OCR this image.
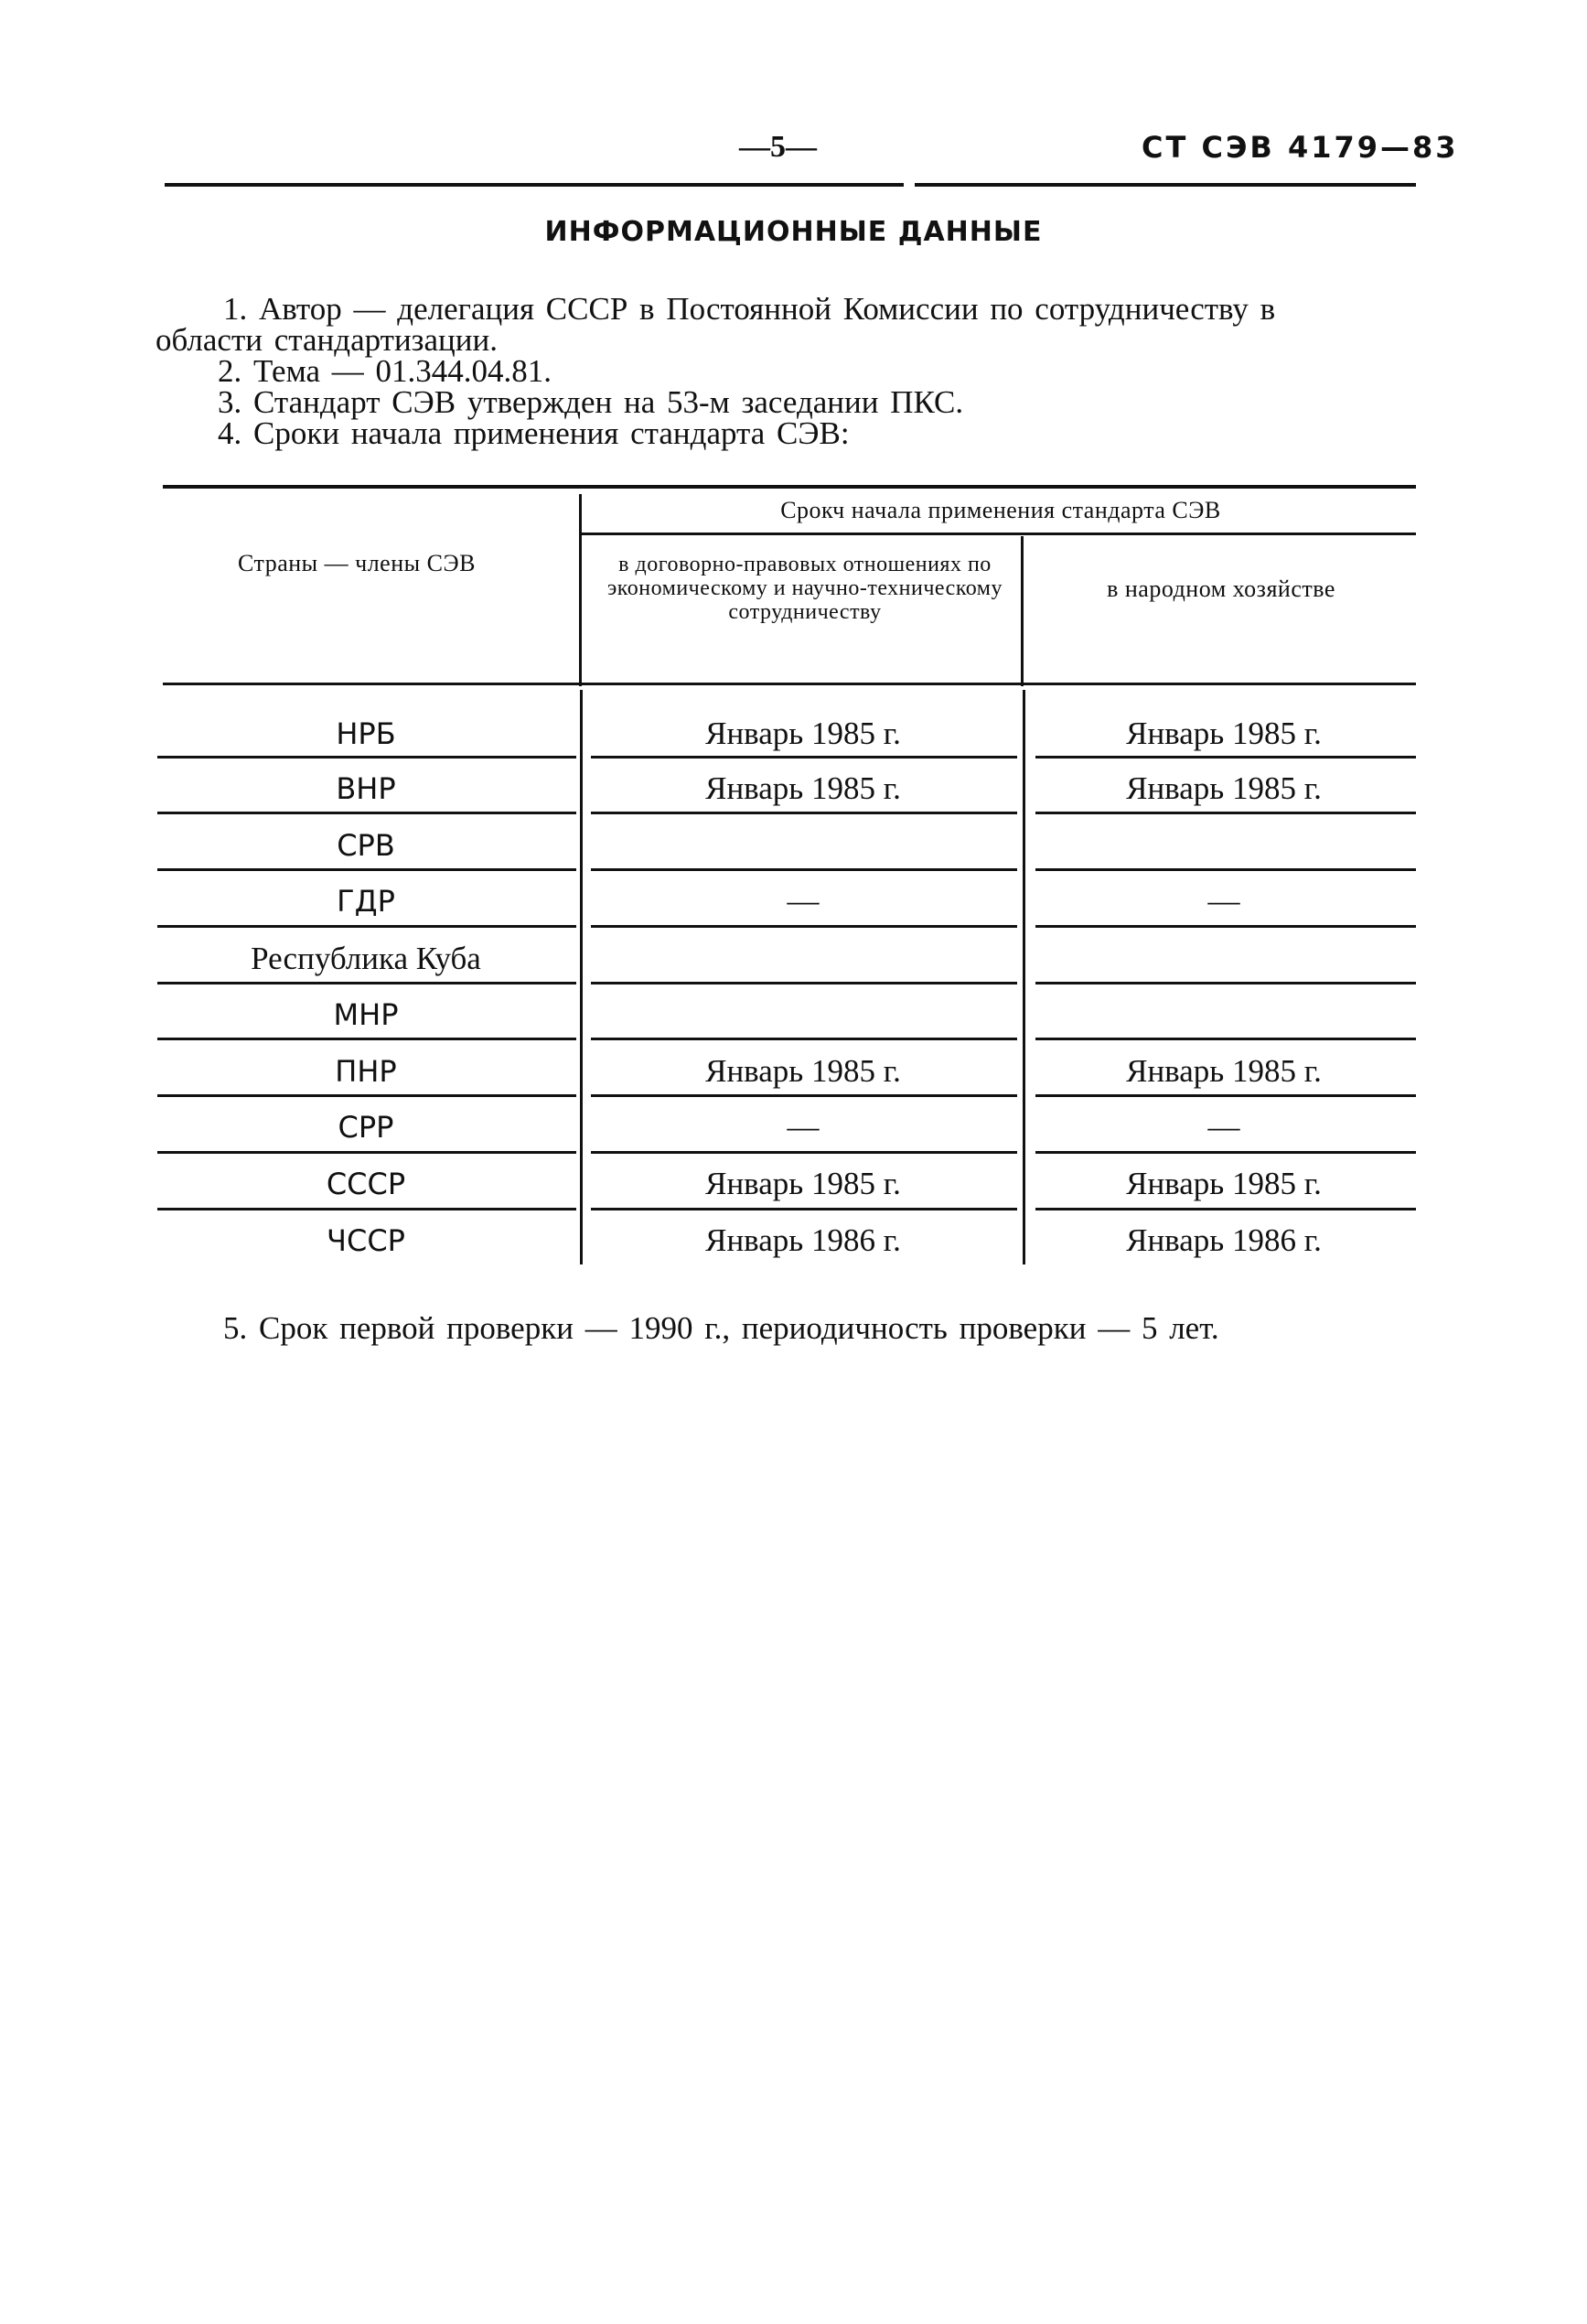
—5—	СТ СЭВ 4179—83
ИНФОРМАЦИОННЫЕ ДАННЫЕ
1. Автор — делегация СССР в Постоянной Комиссии по сотрудничеству в
области стандартизации.
2. Тема — 01.344.04.81.
3. Стандарт СЭВ утвержден на 53-м заседании ПКС.
4. Сроки начала применения стандарта СЭВ:
Страны — члены СЭВ
Срокч начала применения стандарта СЭВ
в договорно-правовых отношениях по экономическому и научно-техническому сотрудничеству
в народном хозяйстве
НРБ	Январь 1985 г.	Январь 1985 г.
ВНР	Январь 1985 г.	Январь 1985 г.
СРВ
ГДР	—	—
Республика Куба
МНР
ПНР	Январь 1985 г.	Январь 1985 г.
СРР	—	—
СССР	Январь 1985 г.	Январь 1985 г.
ЧССР	Январь 1986 г.	Январь 1986 г.
5. Срок первой проверки — 1990 г., периодичность проверки — 5 лет.
